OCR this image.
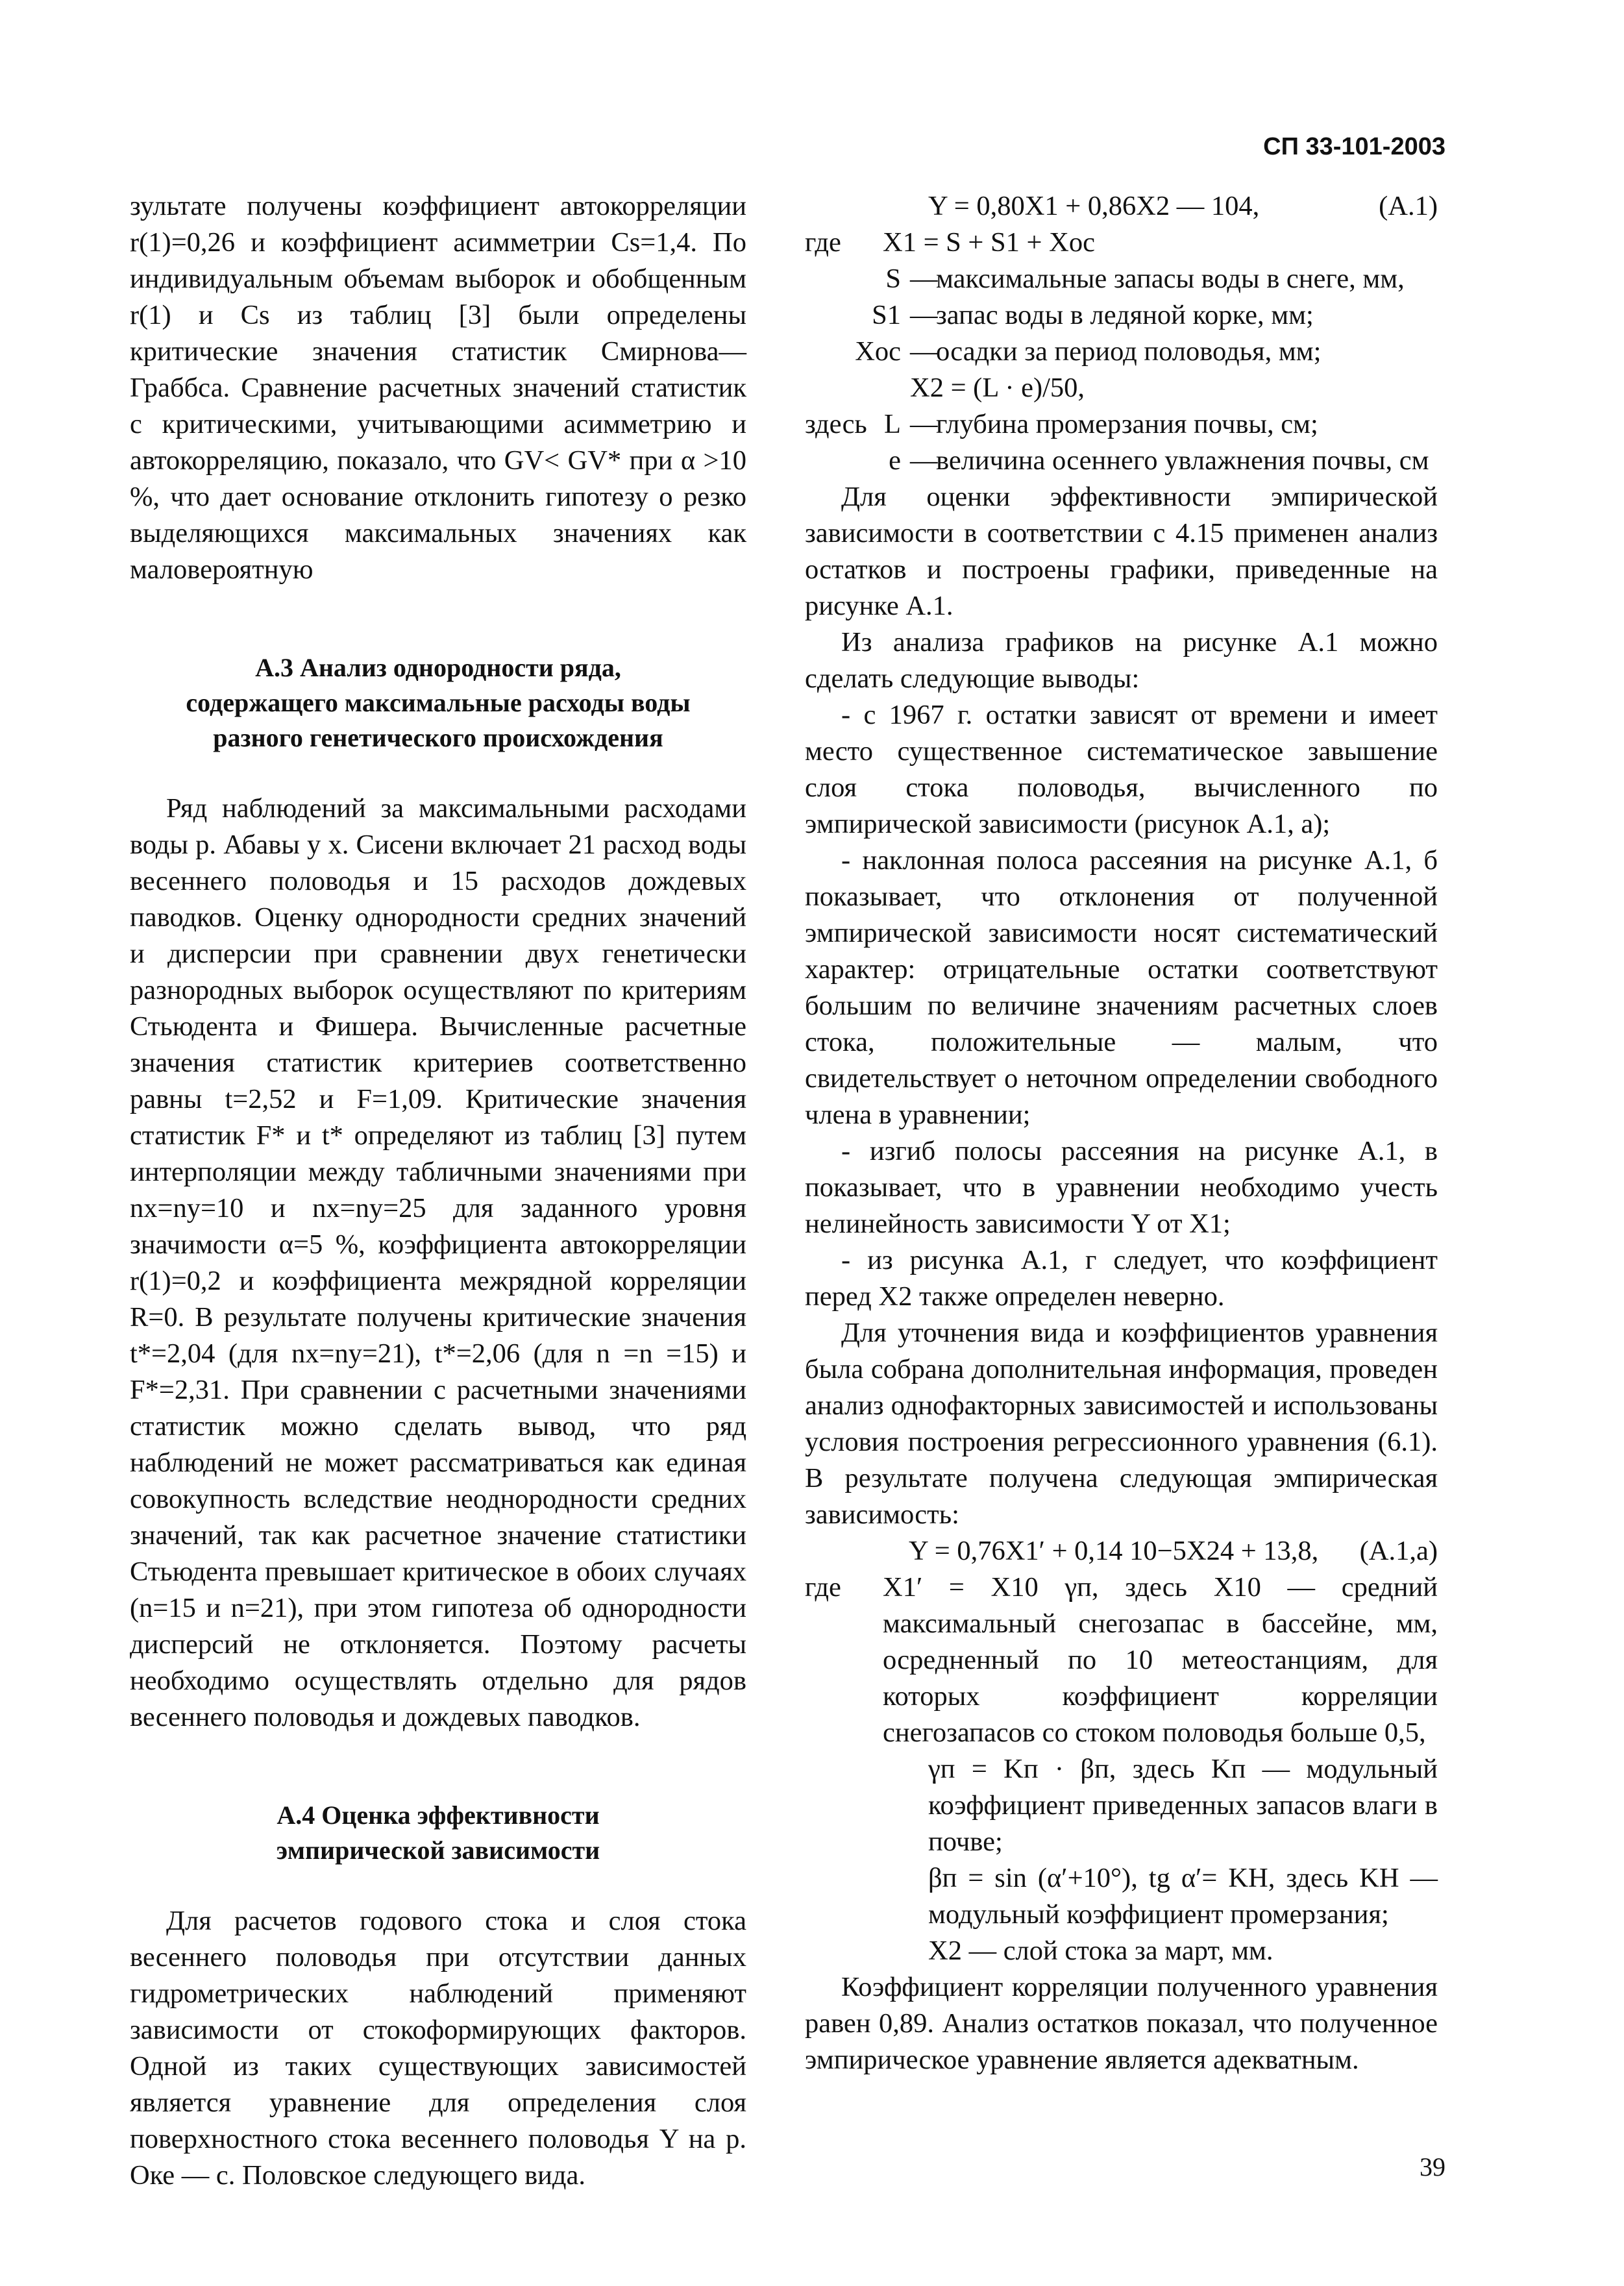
СП 33-101-2003

зультате получены коэффициент автокорреляции r(1)=0,26 и коэффициент асимметрии Cs=1,4. По индивидуальным объемам выборок и обобщенным r(1) и Cs из таблиц [3] были определены критические значения статистик Смирнова—Граббса. Сравнение расчетных значений статистик с критическими, учитывающими асимметрию и автокорреляцию, показало, что GV< GV* при α >10 %, что дает основание отклонить гипотезу о резко выделяющихся максимальных значениях как маловероятную

А.3 Анализ однородности ряда,
содержащего максимальные расходы воды
разного генетического происхождения

Ряд наблюдений за максимальными расходами воды р. Абавы у х. Сисени включает 21 расход воды весеннего половодья и 15 расходов дождевых паводков. Оценку однородности средних значений и дисперсии при сравнении двух генетически разнородных выборок осуществляют по критериям Стьюдента и Фишера. Вычисленные расчетные значения статистик критериев соответственно равны t=2,52 и F=1,09. Критические значения статистик F* и t* определяют из таблиц [3] путем интерполяции между табличными значениями при nx=ny=10 и nx=ny=25 для заданного уровня значимости α=5 %, коэффициента автокорреляции r(1)=0,2 и коэффициента межрядной корреляции R=0. В результате получены критические значения t*=2,04 (для nx=ny=21), t*=2,06 (для n =n =15) и F*=2,31. При сравнении с расчетными значениями статистик можно сделать вывод, что ряд наблюдений не может рассматриваться как единая совокупность вследствие неоднородности средних значений, так как расчетное значение статистики Стьюдента превышает критическое в обоих случаях (n=15 и n=21), при этом гипотеза об однородности дисперсий не отклоняется. Поэтому расчеты необходимо осуществлять отдельно для рядов весеннего половодья и дождевых паводков.

А.4 Оценка эффективности
эмпирической зависимости

Для расчетов годового стока и слоя стока весеннего половодья при отсутствии данных гидрометрических наблюдений применяют зависимости от стокоформирующих факторов. Одной из таких существующих зависимостей является уравнение для определения слоя поверхностного стока весеннего половодья Y на р. Оке — с. Половское следующего вида.

Y = 0,80X1 + 0,86X2 — 104,	(А.1)
где	X1 = S + S1 + Xoc
S —
максимальные запасы воды в снеге, мм,
S1 —
запас воды в ледяной корке, мм;
Xoc —
осадки за период половодья, мм;
X2 = (L · e)/50,
здесь L —
глубина промерзания почвы, см;
e —
величина осеннего увлажнения почвы, см

Для оценки эффективности эмпирической зависимости в соответствии с 4.15 применен анализ остатков и построены графики, приведенные на рисунке А.1.

Из анализа графиков на рисунке А.1 можно сделать следующие выводы:

- с 1967 г. остатки зависят от времени и имеет место существенное систематическое завышение слоя стока половодья, вычисленного по эмпирической зависимости (рисунок А.1, а);

- наклонная полоса рассеяния на рисунке А.1, б показывает, что отклонения от полученной эмпирической зависимости носят систематический характер: отрицательные остатки соответствуют большим по величине значениям расчетных слоев стока, положительные — малым, что свидетельствует о неточном определении свободного члена в уравнении;

- изгиб полосы рассеяния на рисунке А.1, в показывает, что в уравнении необходимо учесть нелинейность зависимости Y от X1;

- из рисунка А.1, г следует, что коэффициент перед X2 также определен неверно.

Для уточнения вида и коэффициентов уравнения была собрана дополнительная информация, проведен анализ однофакторных зависимостей и использованы условия построения регрессионного уравнения (6.1). В результате получена следующая эмпирическая зависимость:

Y = 0,76X1′ + 0,14 10−5X24 + 13,8, (А.1,а)
где	X1′ = X10 γп, здесь X10 — средний максимальный снегозапас в бассейне, мм, осредненный по 10 метеостанциям, для которых коэффициент корреляции снегозапасов со стоком половодья больше 0,5,

γп = Kп · βп, здесь Kп — модульный коэффициент приведенных запасов влаги в почве;

βп = sin (α′+10°), tg α′= KH, здесь KH — модульный коэффициент промерзания;

X2 — слой стока за март, мм.

Коэффициент корреляции полученного уравнения равен 0,89. Анализ остатков показал, что полученное эмпирическое уравнение является адекватным.

39
